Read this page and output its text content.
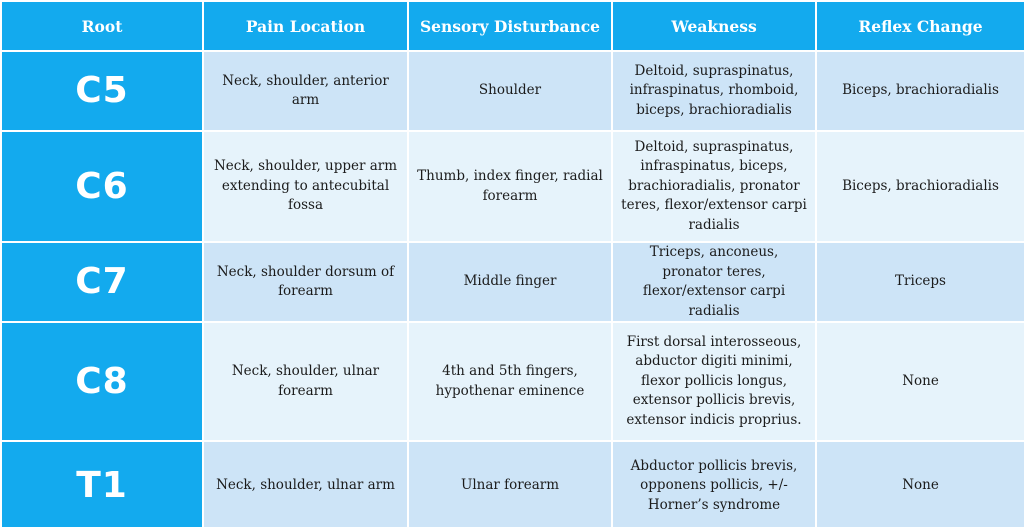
Root	Pain Location	Sensory Disturbance	Weakness	Reflex Change
C5	Neck, shoulder, anterior arm	Shoulder	Deltoid, supraspinatus, infraspinatus, rhomboid, biceps, brachioradialis	Biceps, brachioradialis
C6	Neck, shoulder, upper arm extending to antecubital fossa	Thumb, index finger, radial forearm	Deltoid, supraspinatus, infraspinatus, biceps, brachioradialis, pronator teres, flexor/extensor carpi radialis	Biceps, brachioradialis
C7	Neck, shoulder dorsum of forearm	Middle finger	Triceps, anconeus, pronator teres, flexor/extensor carpi radialis	Triceps
C8	Neck, shoulder, ulnar forearm	4th and 5th fingers, hypothenar eminence	First dorsal interosseous, abductor digiti minimi, flexor pollicis longus, extensor pollicis brevis, extensor indicis proprius.	None
T1	Neck, shoulder, ulnar arm	Ulnar forearm	Abductor pollicis brevis, opponens pollicis, +/- Horner’s syndrome	None
